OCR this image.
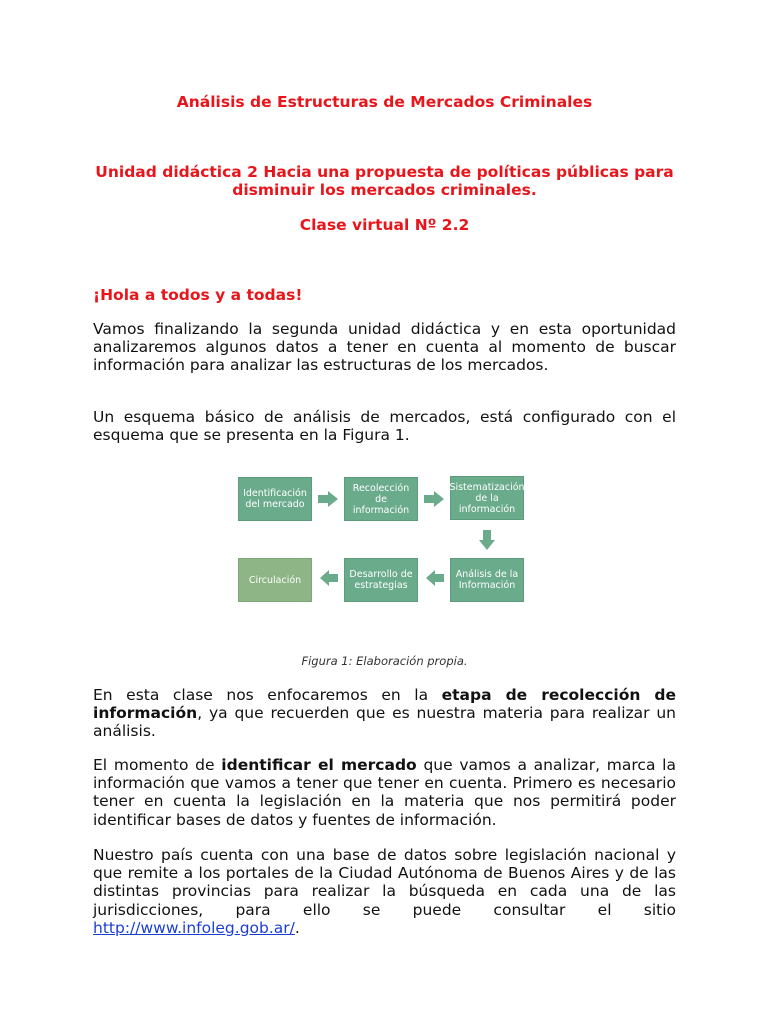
Análisis de Estructuras de Mercados Criminales
Unidad didáctica 2 Hacia una propuesta de políticas públicas para disminuir los mercados criminales.
Clase virtual Nº 2.2
¡Hola a todos y a todas!
Vamos finalizando la segunda unidad didáctica y en esta oportunidad analizaremos algunos datos a tener en cuenta al momento de buscar información para analizar las estructuras de los mercados.
Un esquema básico de análisis de mercados, está configurado con el esquema que se presenta en la Figura 1.
Identificación del mercado
Recolección de información
Sistematización de la información
Análisis de la Información
Desarrollo de estrategias
Circulación
Figura 1: Elaboración propia.
En esta clase nos enfocaremos en la etapa de recolección de información, ya que recuerden que es nuestra materia para realizar un análisis.
El momento de identificar el mercado que vamos a analizar, marca la información que vamos a tener que tener en cuenta. Primero es necesario tener en cuenta la legislación en la materia que nos permitirá poder identificar bases de datos y fuentes de información.
Nuestro país cuenta con una base de datos sobre legislación nacional y que remite a los portales de la Ciudad Autónoma de Buenos Aires y de las distintas provincias para realizar la búsqueda en cada una de las jurisdicciones, para ello se puede consultar el sitio http://www.infoleg.gob.ar/.
